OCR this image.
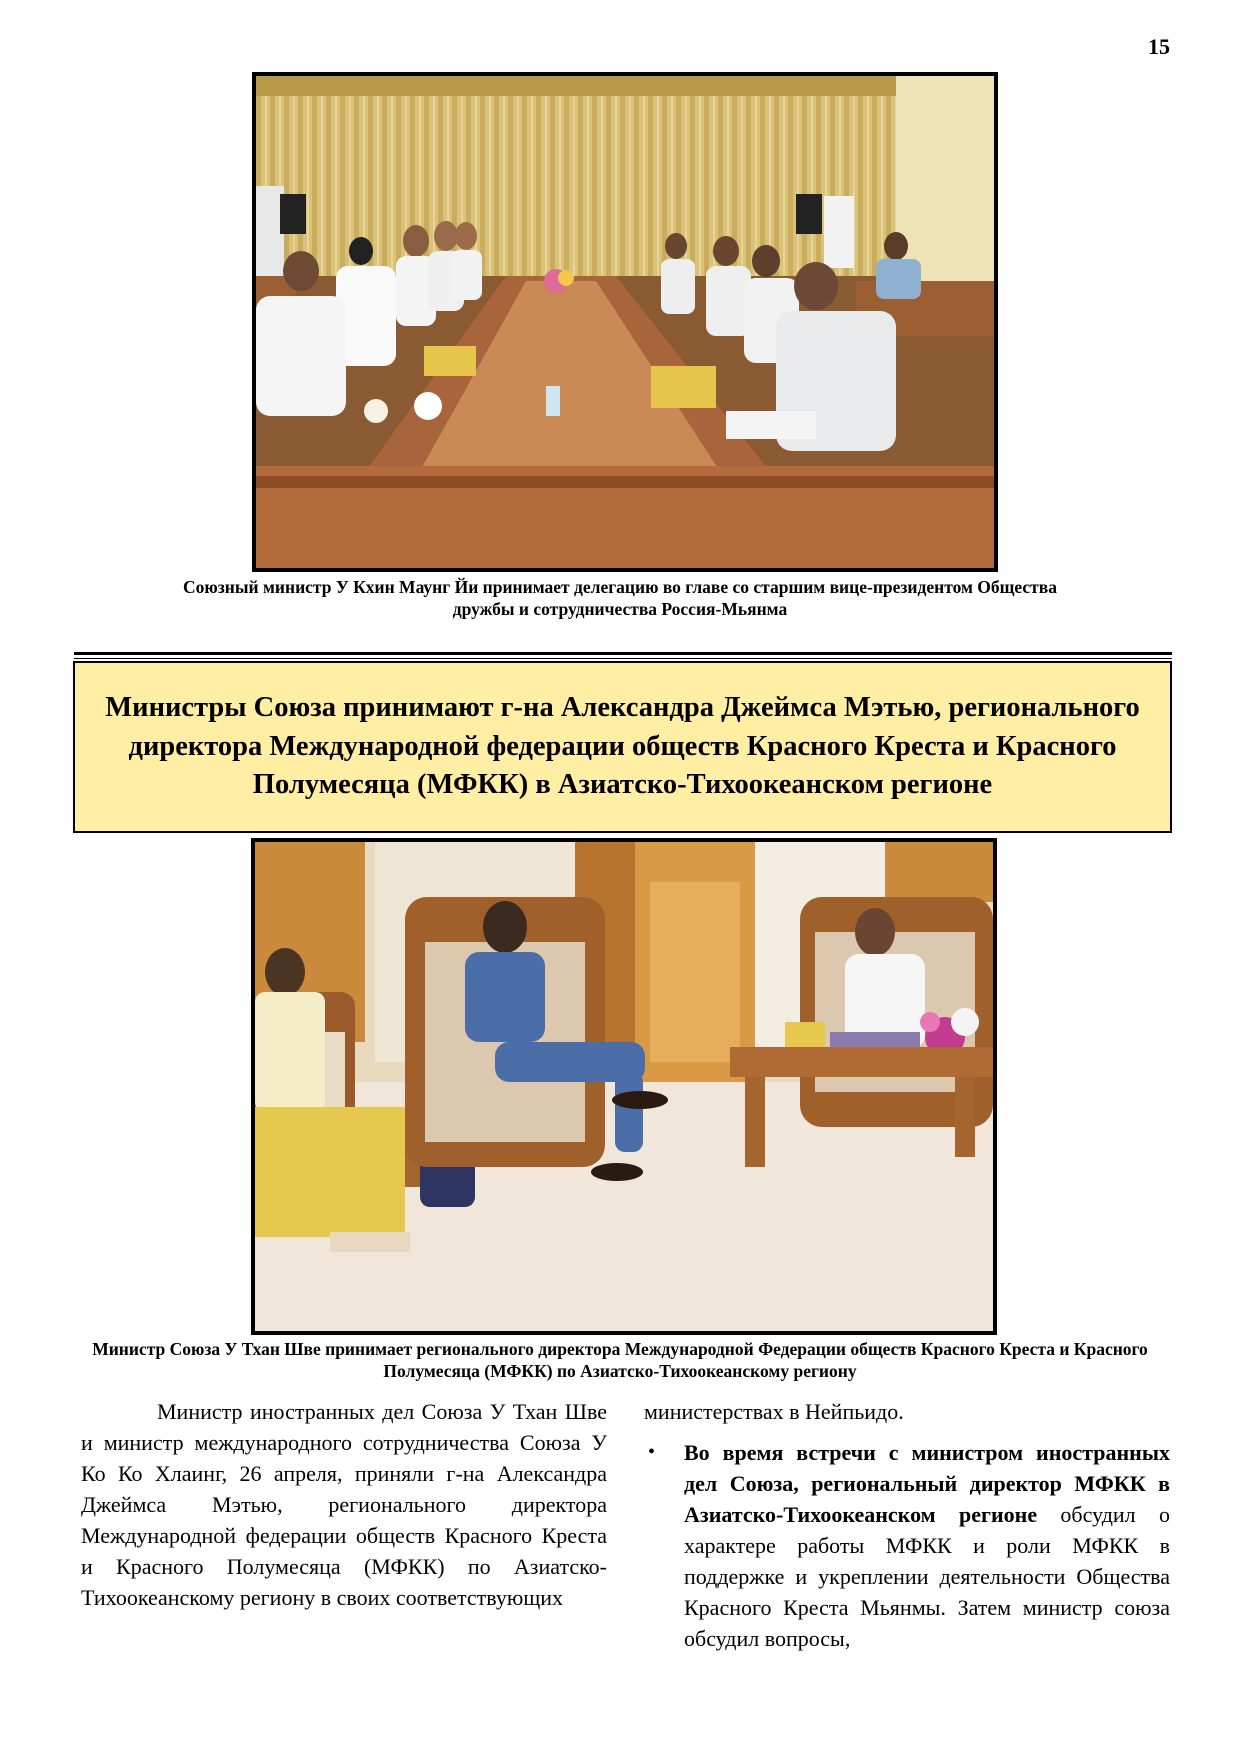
15
Союзный министр У Кхин Маунг Йи принимает делегацию во главе со старшим вице-президентом Общества дружбы и сотрудничества Россия-Мьянма
Министры Союза принимают г-на Александра Джеймса Мэтью, регионального директора Международной федерации обществ Красного Креста и Красного Полумесяца (МФКК) в Азиатско-Тихоокеанском регионе
Министр Союза У Тхан Шве принимает регионального директора Международной Федерации обществ Красного Креста и Красного Полумесяца (МФКК) по Азиатско-Тихоокеанскому региону

Министр иностранных дел Союза У Тхан Шве и министр международного сотрудничества Союза У Ко Ко Хлаинг, 26 апреля, приняли г-на Александра Джеймса Мэтью, регионального директора Международной федерации обществ Красного Креста и Красного Полумесяца (МФКК) по Азиатско-Тихоокеанскому региону в своих соответствующих

министерствах в Нейпьидо.

• Во время встречи с министром иностранных дел Союза, региональный директор МФКК в Азиатско-Тихоокеанском регионе обсудил о характере работы МФКК и роли МФКК в поддержке и укреплении деятельности Общества Красного Креста Мьянмы. Затем министр союза обсудил вопросы,
